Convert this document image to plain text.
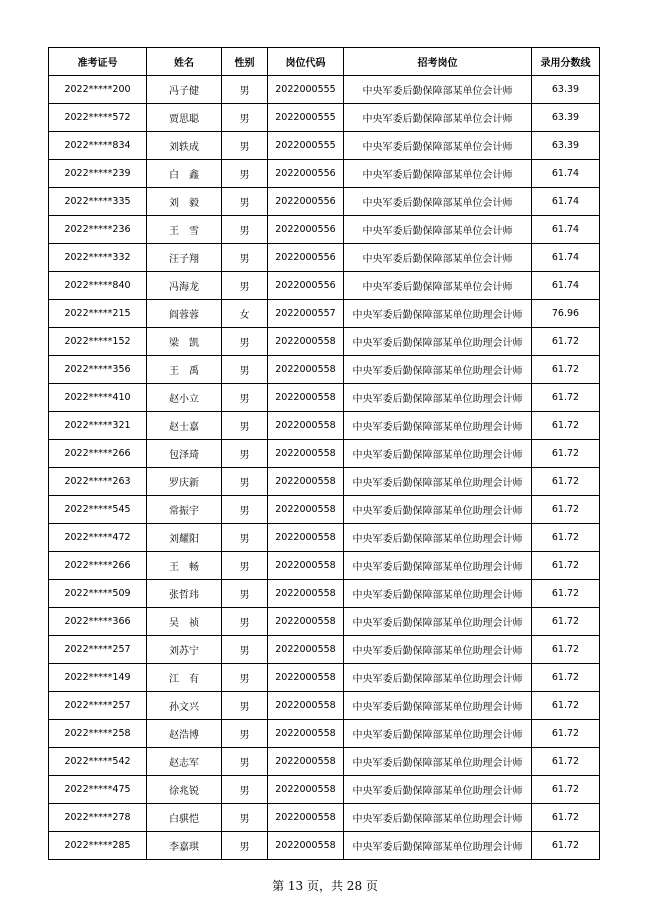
准考证号	姓名	性别	岗位代码	招考岗位	录用分数线
2022*****200	冯子健	男	2022000555	中央军委后勤保障部某单位会计师	63.39
2022*****572	贾思聪	男	2022000555	中央军委后勤保障部某单位会计师	63.39
2022*****834	刘轶成	男	2022000555	中央军委后勤保障部某单位会计师	63.39
2022*****239	白　鑫	男	2022000556	中央军委后勤保障部某单位会计师	61.74
2022*****335	刘　毅	男	2022000556	中央军委后勤保障部某单位会计师	61.74
2022*****236	王　雪	男	2022000556	中央军委后勤保障部某单位会计师	61.74
2022*****332	汪子翔	男	2022000556	中央军委后勤保障部某单位会计师	61.74
2022*****840	冯海龙	男	2022000556	中央军委后勤保障部某单位会计师	61.74
2022*****215	阎蓉蓉	女	2022000557	中央军委后勤保障部某单位助理会计师	76.96
2022*****152	梁　凯	男	2022000558	中央军委后勤保障部某单位助理会计师	61.72
2022*****356	王　禹	男	2022000558	中央军委后勤保障部某单位助理会计师	61.72
2022*****410	赵小立	男	2022000558	中央军委后勤保障部某单位助理会计师	61.72
2022*****321	赵士嘉	男	2022000558	中央军委后勤保障部某单位助理会计师	61.72
2022*****266	包泽琦	男	2022000558	中央军委后勤保障部某单位助理会计师	61.72
2022*****263	罗庆新	男	2022000558	中央军委后勤保障部某单位助理会计师	61.72
2022*****545	常振宇	男	2022000558	中央军委后勤保障部某单位助理会计师	61.72
2022*****472	刘耀阳	男	2022000558	中央军委后勤保障部某单位助理会计师	61.72
2022*****266	王　畅	男	2022000558	中央军委后勤保障部某单位助理会计师	61.72
2022*****509	张哲玮	男	2022000558	中央军委后勤保障部某单位助理会计师	61.72
2022*****366	吴　祯	男	2022000558	中央军委后勤保障部某单位助理会计师	61.72
2022*****257	刘苏宁	男	2022000558	中央军委后勤保障部某单位助理会计师	61.72
2022*****149	江　有	男	2022000558	中央军委后勤保障部某单位助理会计师	61.72
2022*****257	孙文兴	男	2022000558	中央军委后勤保障部某单位助理会计师	61.72
2022*****258	赵浩博	男	2022000558	中央军委后勤保障部某单位助理会计师	61.72
2022*****542	赵志军	男	2022000558	中央军委后勤保障部某单位助理会计师	61.72
2022*****475	徐兆锐	男	2022000558	中央军委后勤保障部某单位助理会计师	61.72
2022*****278	白骐恺	男	2022000558	中央军委后勤保障部某单位助理会计师	61.72
2022*****285	李嘉琪	男	2022000558	中央军委后勤保障部某单位助理会计师	61.72
第 13 页，共 28 页
